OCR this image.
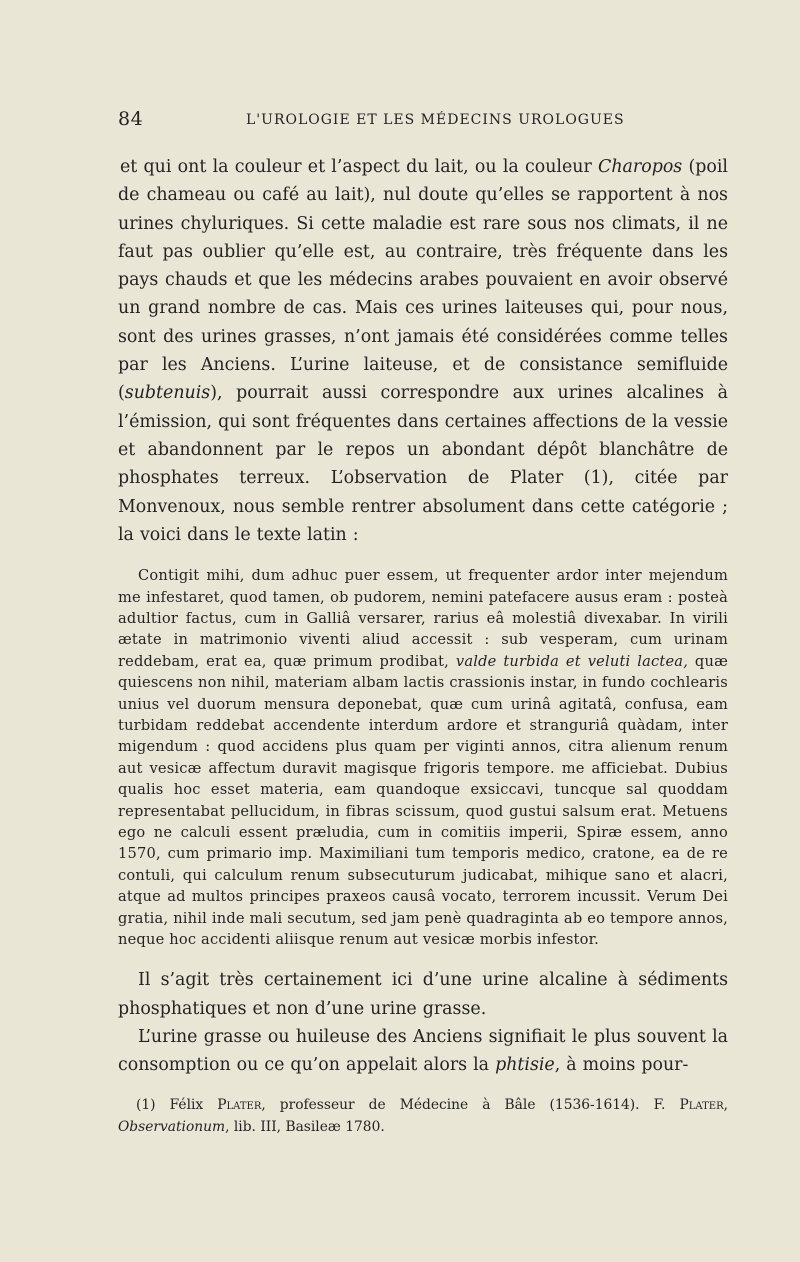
84	L'UROLOGIE ET LES MÉDECINS UROLOGUES

et qui ont la couleur et l’aspect du lait, ou la couleur Charopos (poil de chameau ou café au lait), nul doute qu’elles se rapportent à nos urines chyluriques. Si cette maladie est rare sous nos climats, il ne faut pas oublier qu’elle est, au contraire, très fréquente dans les pays chauds et que les médecins arabes pouvaient en avoir observé un grand nombre de cas. Mais ces urines laiteuses qui, pour nous, sont des urines grasses, n’ont jamais été considérées comme telles par les Anciens. L’urine laiteuse, et de consistance semifluide (subtenuis), pourrait aussi correspondre aux urines alcalines à l’émission, qui sont fréquentes dans certaines affections de la vessie et abandonnent par le repos un abondant dépôt blanchâtre de phosphates terreux. L’observation de Plater (1), citée par Monvenoux, nous semble rentrer absolument dans cette catégorie ; la voici dans le texte latin :

Contigit mihi, dum adhuc puer essem, ut frequenter ardor inter mejendum me infestaret, quod tamen, ob pudorem, nemini patefacere ausus eram : posteà adultior factus, cum in Galliâ versarer, rarius eâ molestiâ divexabar. In virili ætate in matrimonio viventi aliud accessit : sub vesperam, cum urinam reddebam, erat ea, quæ primum prodibat, valde turbida et veluti lactea, quæ quiescens non nihil, materiam albam lactis crassionis instar, in fundo cochlearis unius vel duorum mensura deponebat, quæ cum urinâ agitatâ, confusa, eam turbidam reddebat accendente interdum ardore et stranguriâ quàdam, inter migendum : quod accidens plus quam per viginti annos, citra alienum renum aut vesicæ affectum duravit magisque frigoris tempore. me afficiebat. Dubius qualis hoc esset materia, eam quandoque exsiccavi, tuncque sal quoddam representabat pellucidum, in fibras scissum, quod gustui salsum erat. Metuens ego ne calculi essent præludia, cum in comitiis imperii, Spiræ essem, anno 1570, cum primario imp. Maximiliani tum temporis medico, cratone, ea de re contuli, qui calculum renum subsecuturum judicabat, mihique sano et alacri, atque ad multos principes praxeos causâ vocato, terrorem incussit. Verum Dei gratia, nihil inde mali secutum, sed jam penè quadraginta ab eo tempore annos, neque hoc accidenti aliisque renum aut vesicæ morbis infestor.

Il s’agit très certainement ici d’une urine alcaline à sédiments phosphatiques et non d’une urine grasse.

L’urine grasse ou huileuse des Anciens signifiait le plus souvent la consomption ou ce qu’on appelait alors la phtisie, à moins pour-

(1) Félix Plater, professeur de Médecine à Bâle (1536-1614). F. Plater, Observationum, lib. III, Basileæ 1780.
